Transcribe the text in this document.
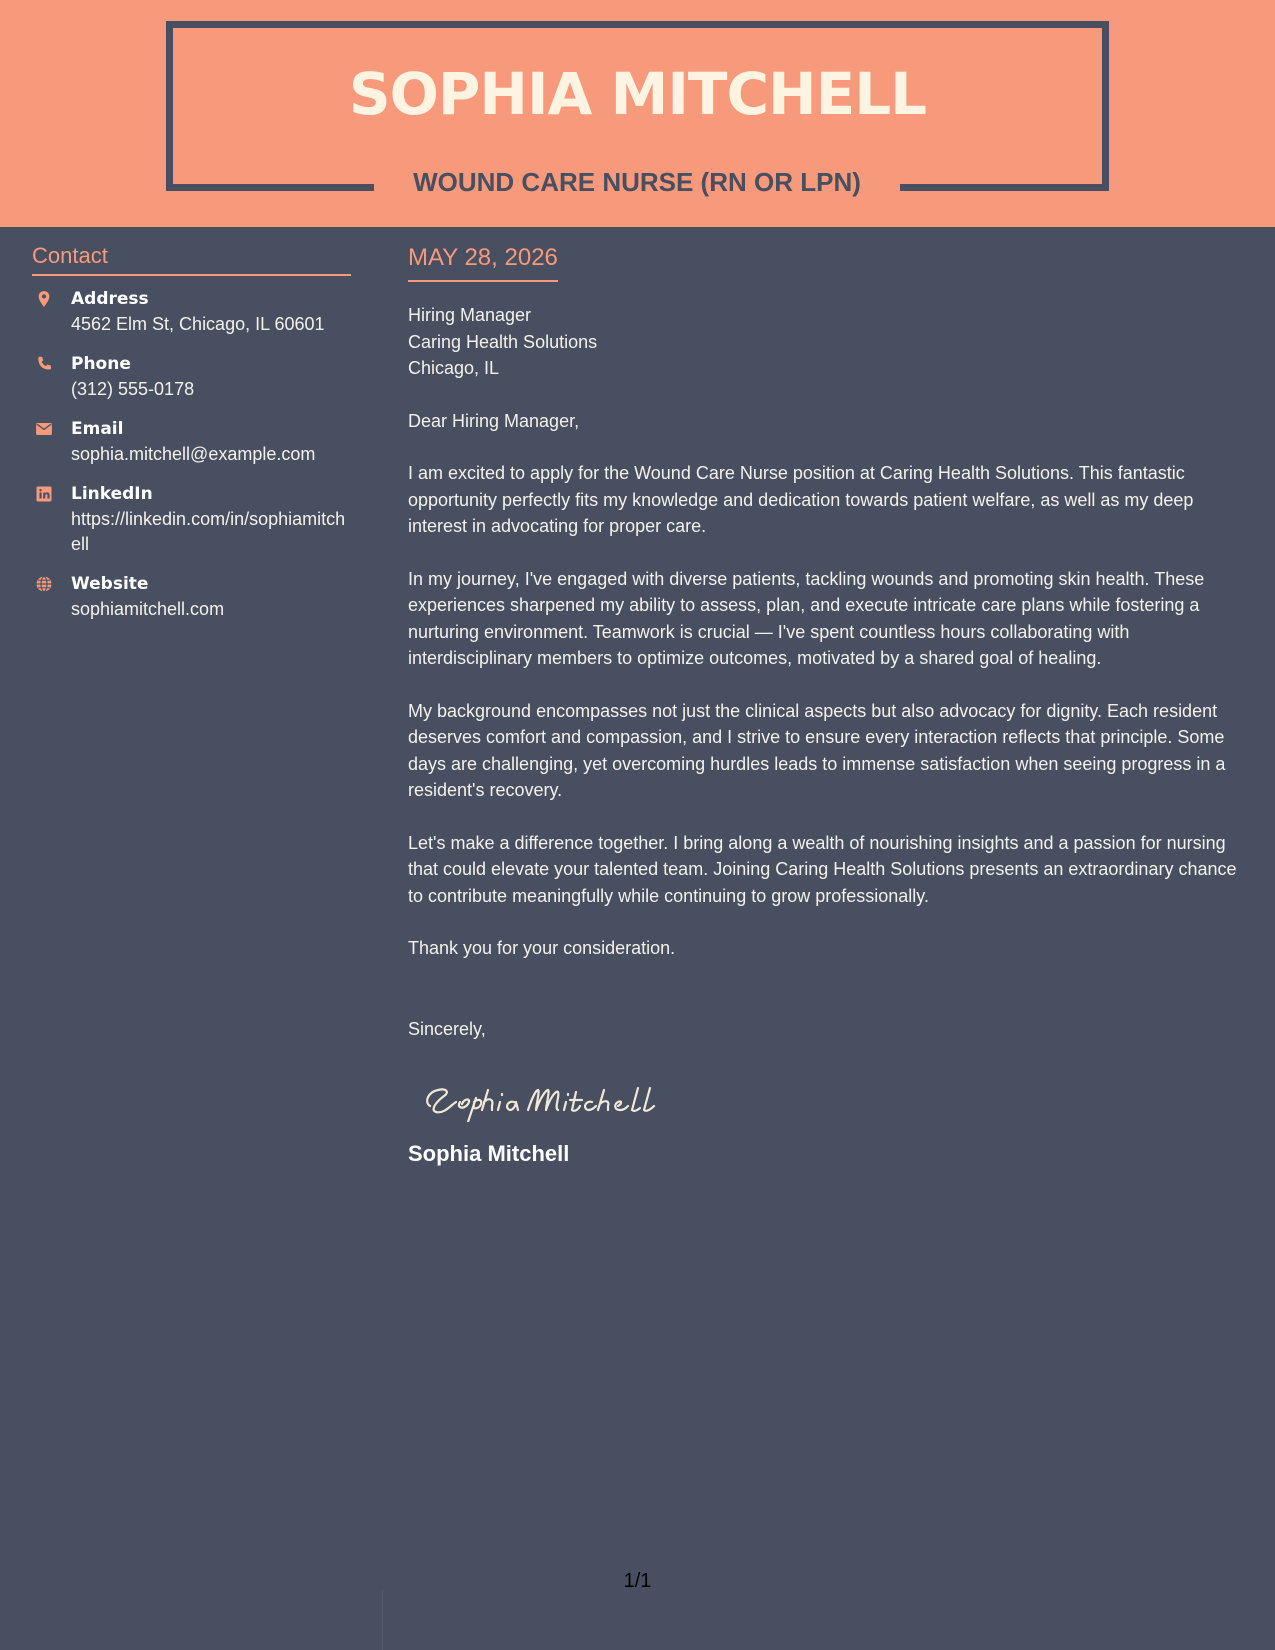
SOPHIA MITCHELL
WOUND CARE NURSE (RN OR LPN)
Contact
Address
4562 Elm St, Chicago, IL 60601
Phone
(312) 555-0178
Email
sophia.mitchell@example.com
LinkedIn
https://linkedin.com/in/sophiamitchell
Website
sophiamitchell.com
MAY 28, 2026
Hiring Manager
Caring Health Solutions
Chicago, IL
Dear Hiring Manager,
I am excited to apply for the Wound Care Nurse position at Caring Health Solutions. This fantastic opportunity perfectly fits my knowledge and dedication towards patient welfare, as well as my deep interest in advocating for proper care.
In my journey, I've engaged with diverse patients, tackling wounds and promoting skin health. These experiences sharpened my ability to assess, plan, and execute intricate care plans while fostering a nurturing environment. Teamwork is crucial — I've spent countless hours collaborating with interdisciplinary members to optimize outcomes, motivated by a shared goal of healing.
My background encompasses not just the clinical aspects but also advocacy for dignity. Each resident deserves comfort and compassion, and I strive to ensure every interaction reflects that principle. Some days are challenging, yet overcoming hurdles leads to immense satisfaction when seeing progress in a resident's recovery.
Let's make a difference together. I bring along a wealth of nourishing insights and a passion for nursing that could elevate your talented team. Joining Caring Health Solutions presents an extraordinary chance to contribute meaningfully while continuing to grow professionally.
Thank you for your consideration.
Sincerely,
Sophia Mitchell
1/1
